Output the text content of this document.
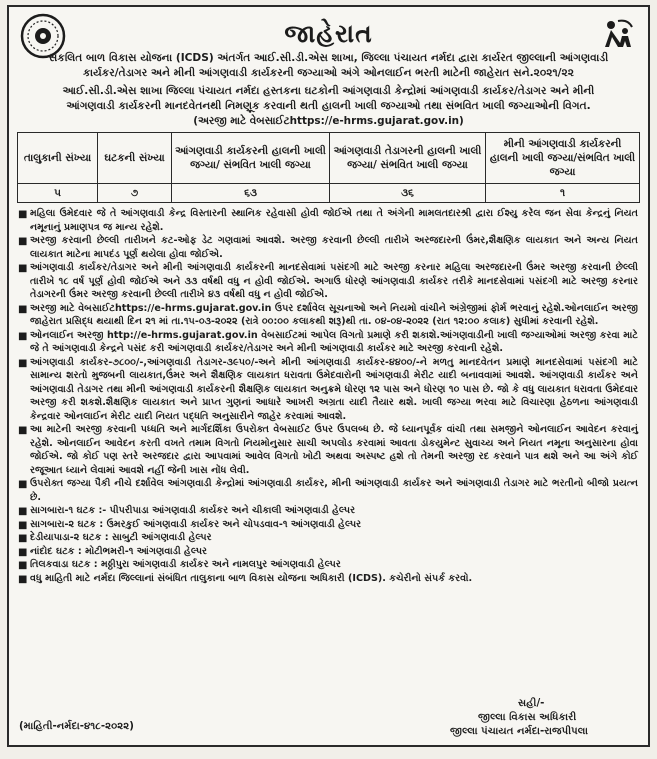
જાહેરાત
સંકલિત બાળ વિકાસ યોજના (ICDS) અંતર્ગત આઈ.સી.ડી.એસ શાખા, જિલ્લા પંચાયત નર્મદા દ્વારા કાર્યરત જીલ્લાની આંગણવાડી
કાર્યકર/તેડાગર અને મીની આંગણવાડી કાર્યકરની જગ્યાઓ અંગે ઓનલાઈન ભરતી માટેની જાહેરાત સને.૨૦૨૧/૨૨
આઈ.સી.ડી.એસ શાખા જિલ્લા પંચાયત નર્મદા હસ્તકના ઘટકોની આંગણવાડી કેન્દ્રોમાં આંગણવાડી કાર્યકર/તેડાગર અને મીની
આંગણવાડી કાર્યકરની માનદવેતનથી નિમણૂક કરવાની થતી હાલની ખાલી જગ્યાઓ તથા સંભવિત ખાલી જગ્યાઓની વિગત.
(અરજી માટે વેબસાઈટhttps://e-hrms.gujarat.gov.in)
તાલુકાની સંખ્યા	ઘટકની સંખ્યા	આંગણવાડી કાર્યકરની હાલની ખાલી જગ્યા/ સંભવિત ખાલી જગ્યા	આંગણવાડી તેડાગરની હાલની ખાલી જગ્યા/ સંભવિત ખાલી જગ્યા	મીની આંગણવાડી કાર્યકરની હાલની ખાલી જગ્યા/સંભવિત ખાલી જગ્યા
૫	૭	૬૩	૩૬	૧
■ મહિલા ઉમેદવાર જે તે આંગણવાડી કેન્દ્ર વિસ્તારની સ્થાનિક રહેવાસી હોવી જોઈએ તથા તે અંગેની મામલતદારશ્રી દ્વારા ઈશ્યુ કરેલ જન સેવા કેન્દ્રનું નિયત નમૂનાનું પ્રમાણપત્ર જ માન્ય રહેશે.
■ અરજી કરવાની છેલ્લી તારીખને કટ-ઓફ ડેટ ગણવામાં આવશે. અરજી કરવાની છેલ્લી તારીખે અરજદારની ઉંમર,શૈક્ષણિક લાયકાત અને અન્ય નિયત લાયકાત માટેના માપદંડ પૂર્ણ થયેલા હોવા જોઈએ.
■ આંગણવાડી કાર્યકર/તેડાગર અને મીની આંગણવાડી કાર્યકરની માનદસેવામાં પસંદગી માટે અરજી કરનાર મહિલા અરજદારની ઉંમર અરજી કરવાની છેલ્લી તારીખે ૧૮ વર્ષ પૂર્ણ હોવી જોઈએ અને ૩૩ વર્ષથી વધુ ન હોવી જોઈએ. અગાઉ ધોરણે આંગણવાડી કાર્યકર તરીકે માનદસેવામાં પસંદગી માટે અરજી કરનાર તેડાગરની ઉંમર અરજી કરવાની છેલ્લી તારીખે ૪૩ વર્ષથી વધુ ન હોવી જોઈએ.
■ અરજી માટે વેબસાઈટhttps://e-hrms.gujarat.gov.in ઉપર દર્શાવેલ સૂચનાઓ અને નિયમો વાંચીને અંગ્રેજીમાં ફોર્મ ભરવાનું રહેશે.ઓનલાઈન અરજી જાહેરાત પ્રસિદ્ધ થયાથી દિન ૨૧ માં તા.૧૫-૦૩-૨૦૨૨ (રાત્રે ૦૦:૦૦ કલાકથી શરૂ)થી તા. ૦૪-૦૪-૨૦૨૨ (રાત ૧૨:૦૦ કલાક) સુધીમાં કરવાની રહેશે.
■ ઓનલાઈન અરજી http://e-hrms.gujarat.gov.in વેબસાઈટમાં આપેલ વિગતો પ્રમાણે કરી શકાશે.આંગણવાડીની ખાલી જગ્યાઓમાં અરજી કરવા માટે જે તે આંગણવાડી કેન્દ્રને પસંદ કરી આંગણવાડી કાર્યકર/તેડાગર અને મીની આંગણવાડી કાર્યકર માટે અરજી કરવાની રહેશે.
■ આંગણવાડી કાર્યકર-૭૮૦૦/-,આંગણવાડી તેડાગર-૩૯૫૦/-અને મીની આંગણવાડી કાર્યકર-૪૪૦૦/-ને મળતુ માનદવેતન પ્રમાણે માનદસેવામાં પસંદગી માટે સામાન્ય શરતો મુજબની લાયકાત,ઉંમર અને શૈક્ષણિક લાયકાત ધરાવતા ઉમેદવારોની આંગણવાડી મેરીટ યાદી બનાવવામાં આવશે. આંગણવાડી કાર્યકર અને આંગણવાડી તેડાગર તથા મીની આંગણવાડી કાર્યકરની શૈક્ષણિક લાયકાત અનુક્રમે ધોરણ ૧૨ પાસ અને ધોરણ ૧૦ પાસ છે. જો કે વધુ લાયકાત ધરાવતા ઉમેદવાર અરજી કરી શકશે.શૈક્ષણિક લાયકાત અને પ્રાપ્ત ગુણનાં આધારે આખરી અગ્રતા યાદી તૈયાર થશે. ખાલી જગ્યા ભરવા માટે વિચારણા હેઠળના આંગણવાડી કેન્દ્રવાર ઓનલાઈન મેરીટ યાદી નિયત પદ્ધતિ અનુસારીને જાહેર કરવામાં આવશે.
■ આ માટેની અરજી કરવાની પધ્ધતિ અને માર્ગદર્શિકા ઉપરોક્ત વેબસાઈટ ઉપર ઉપલબ્ધ છે. જે ધ્યાનપૂર્વક વાંચી તથા સમજીને ઓનલાઈન આવેદન કરવાનું રહેશે. ઓનલાઈન આવેદન કરતી વખતે તમામ વિગતો નિયમોનુસાર સાચી અપલોડ કરવામાં આવતા ડોકયુમેન્ટ સુવાચ્ય અને નિયત નમૂના અનુસારના હોવા જોઈએ. જો કોઈ પણ સ્તરે અરજદાર દ્વારા આપવામાં આવેલ વિગતો ખોટી અથવા અસ્પષ્ટ હશે તો તેમની અરજી રદ કરવાને પાત્ર થશે અને આ અંગે કોઈ રજૂઆત ધ્યાને લેવામાં આવશે નહીં જેની ખાસ નોંધ લેવી.
■ ઉપરોક્ત જગ્યા પૈકી નીચે દર્શાવેલ આંગણવાડી કેન્દ્રોમાં આંગણવાડી કાર્યકર, મીની આંગણવાડી કાર્યકર અને આંગણવાડી તેડાગર માટે ભરતીનો બીજો પ્રયત્ન છે.
■ સાગબારા-૧ ઘટક :- પીપરીપાડા આંગણવાડી કાર્યકર અને ચીકાલી આંગણવાડી હેલ્પર
■ સાગબારા-૨ ઘટક : ઉમરકુઈ આંગણવાડી કાર્યકર અને ચોપડવાવ-૧ આંગણવાડી હેલ્પર
■ દેડીયાપાડા-૨ ઘટક : સાબુટી આંગણવાડી હેલ્પર
■ નાંદોદ ઘટક : મોટીભમરી-૧ આંગણવાડી હેલ્પર
■ તિલકવાડા ઘટક : મઠ્ઠીપુરા આંગણવાડી કાર્યકર અને નામલપુર આંગણવાડી હેલ્પર
■ વધુ માહિતી માટે નર્મદા જિલ્લાનાં સંબંધિત તાલુકાના બાળ વિકાસ યોજના અધિકારી (ICDS). કચેરીનો સંપર્ક કરવો.
(માહિતી-નર્મદા-૪૧૮-૨૦૨૨)
સહી/-
જીલ્લા વિકાસ અધિકારી
જીલ્લા પંચાયત નર્મદા-રાજપીપલા
